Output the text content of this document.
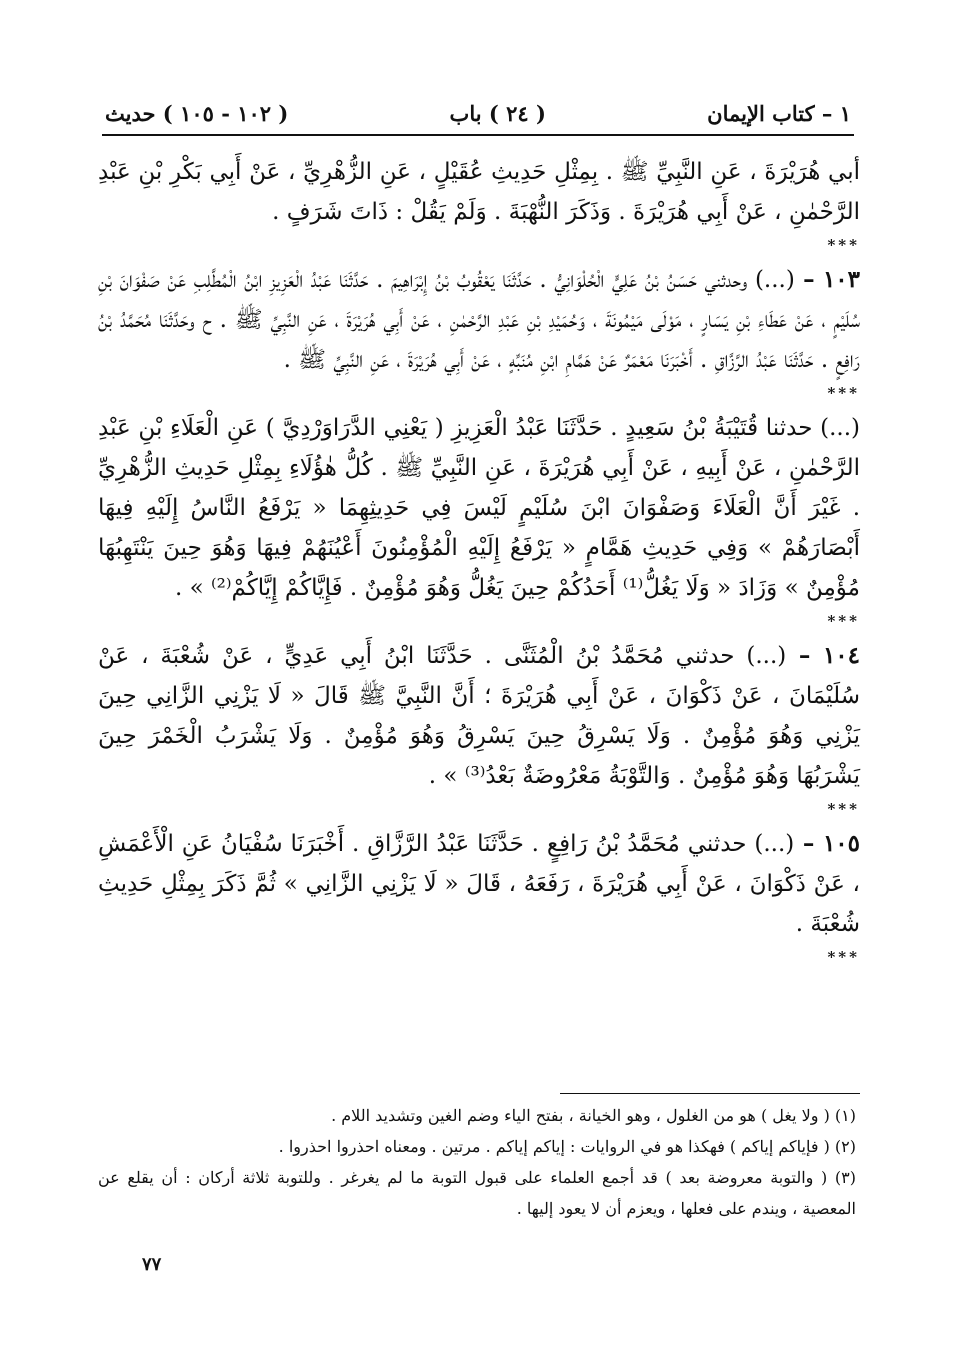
١ – كتاب الإيمان
( ٢٤ ) باب
( ١٠٢ - ١٠٥ ) حديث

أبي هُرَيْرَةَ ، عَنِ النَّبِيِّ ﷺ . بِمِثْلِ حَدِيثِ عُقَيْلٍ ، عَنِ الزُّهْرِيِّ ، عَنْ أَبِي بَكْرِ بْنِ عَبْدِ الرَّحْمٰنِ ، عَنْ أَبِي هُرَيْرَةَ . وَذَكَرَ النُّهْبَةَ . وَلَمْ يَقُلْ : ذَاتَ شَرَفٍ .

***

١٠٣ – (...) وحدثني حَسَنُ بْنُ عَلِيٍّ الْحُلْوَانِيُّ . حَدَّثَنَا يَعْقُوبُ بْنُ إِبْرَاهِيمَ . حَدَّثَنَا عَبْدُ الْعَزِيزِ ابْنُ الْمُطَّلِبِ عَنْ صَفْوَانَ بْنِ سُلَيْمٍ ، عَنْ عَطَاءِ بْنِ يَسَارٍ ، مَوْلَى مَيْمُونَةَ ، وَحُمَيْدِ بْنِ عَبْدِ الرَّحْمٰنِ ، عَنْ أَبِي هُرَيْرَةَ ، عَنِ النَّبِيِّ ﷺ . ح وحَدَّثَنَا مُحَمَّدُ بْنُ رَافِعٍ . حَدَّثَنَا عَبْدُ الرَّزَّاقِ . أَخْبَرَنَا مَعْمَرٌ عَنْ هَمَّامِ ابْنِ مُنَبِّهٍ ، عَنْ أَبِي هُرَيْرَةَ ، عَنِ النَّبِيِّ ﷺ .

***

(...) حدثنا قُتَيْبَةُ بْنُ سَعِيدٍ . حَدَّثَنَا عَبْدُ الْعَزِيزِ ( يَعْنِي الدَّرَاوَرْدِيَّ ) عَنِ الْعَلَاءِ بْنِ عَبْدِ الرَّحْمٰنِ ، عَنْ أَبِيهِ ، عَنْ أَبِي هُرَيْرَةَ ، عَنِ النَّبِيِّ ﷺ . كُلُّ هٰؤُلَاءِ بِمِثْلِ حَدِيثِ الزُّهْرِيِّ . غَيْرَ أَنَّ الْعَلَاءَ وَصَفْوَانَ ابْنَ سُلَيْمٍ لَيْسَ فِي حَدِيثِهِمَا « يَرْفَعُ النَّاسُ إِلَيْهِ فِيهَا أَبْصَارَهُمْ » وَفِي حَدِيثِ هَمَّامٍ « يَرْفَعُ إِلَيْهِ الْمُؤْمِنُونَ أَعْيُنَهُمْ فِيهَا وَهُوَ حِينَ يَنْتَهِبُهَا مُؤْمِنٌ » وَزَادَ « وَلَا يَغُلُّ⁽¹⁾ أَحَدُكُمْ حِينَ يَغُلُّ وَهُوَ مُؤْمِنٌ . فَإِيَّاكُمْ إِيَّاكُمْ⁽²⁾ » .

***

١٠٤ – (...) حدثني مُحَمَّدُ بْنُ الْمُثَنَّى . حَدَّثَنَا ابْنُ أَبِي عَدِيٍّ ، عَنْ شُعْبَةَ ، عَنْ سُلَيْمَانَ ، عَنْ ذَكْوَانَ ، عَنْ أَبِي هُرَيْرَةَ ؛ أَنَّ النَّبِيَّ ﷺ قَالَ « لَا يَزْنِي الزَّانِي حِينَ يَزْنِي وَهُوَ مُؤْمِنٌ . وَلَا يَسْرِقُ حِينَ يَسْرِقُ وَهُوَ مُؤْمِنٌ . وَلَا يَشْرَبُ الْخَمْرَ حِينَ يَشْرَبُهَا وَهُوَ مُؤْمِنٌ . وَالتَّوْبَةُ مَعْرُوضَةٌ بَعْدُ⁽³⁾ » .

***

١٠٥ – (...) حدثني مُحَمَّدُ بْنُ رَافِعٍ . حَدَّثَنَا عَبْدُ الرَّزَّاقِ . أَخْبَرَنَا سُفْيَانُ عَنِ الْأَعْمَشِ ، عَنْ ذَكْوَانَ ، عَنْ أَبِي هُرَيْرَةَ ، رَفَعَهُ ، قَالَ « لَا يَزْنِي الزَّانِي » ثُمَّ ذَكَرَ بِمِثْلِ حَدِيثِ شُعْبَةَ .

***

(١) ( ولا يغل ) هو من الغلول ، وهو الخيانة ، بفتح الياء وضم الغين وتشديد اللام .

(٢) ( فإياكم إياكم ) فهكذا هو في الروايات : إياكم إياكم . مرتين . ومعناه احذروا احذروا .

(٣) ( والتوبة معروضة بعد ) قد أجمع العلماء على قبول التوبة ما لم يغرغر . وللتوبة ثلاثة أركان : أن يقلع عن المعصية ، ويندم على فعلها ، ويعزم أن لا يعود إليها .

٧٧
